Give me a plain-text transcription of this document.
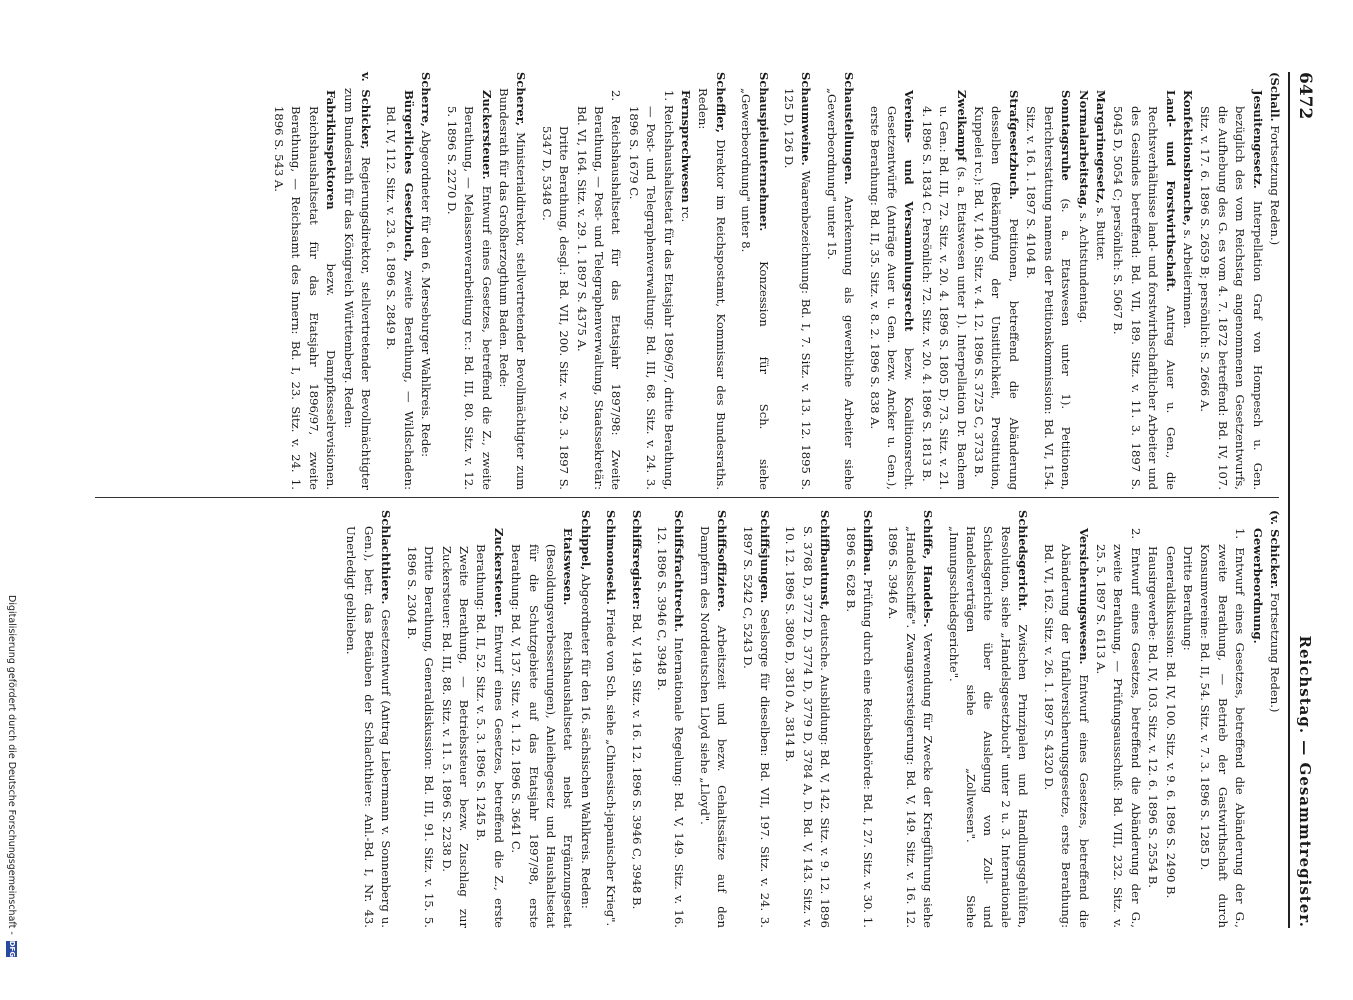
6472
Reichstag. — Gesammtregister.

(Schall. Fortsetzung Reden.)

Jesuitengesetz. Interpellation Graf von Hompesch u. Gen. bezüglich des vom Reichstag angenommenen Gesetzentwurfs, die Aufhebung des G. es vom 4. 7. 1872 betreffend: Bd. IV, 107. Sitz. v. 17. 6. 1896 S. 2659 B; persönlich: S. 2666 A.

Konfektionsbranche, s. Arbeiterinnen.

Land- und Forstwirthschaft. Antrag Auer u. Gen., die Rechtsverhältnisse land- und forstwirthschaftlicher Arbeiter und des Gesindes betreffend: Bd. VII, 189. Sitz. v. 11. 3. 1897 S. 5045 D, 5054 C; persönlich: S. 5067 B.

Margarinegesetz, s. Butter.

Normalarbeitstag, s. Achtstundentag.

Sonntagsruhe (s. a. Etatswesen unter 1). Petitionen, Berichterstattung namens der Petitionskommission: Bd. VI, 154. Sitz. v. 16. 1. 1897 S. 4104 B.

Strafgesetzbuch. Petitionen, betreffend die Abänderung desselben (Bekämpfung der Unsittlichkeit, Prostitution, Kuppelei rc.): Bd. V, 140. Sitz. v. 4. 12. 1896 S. 3725 C, 3733 B.

Zweikampf (s. a. Etatswesen unter 1). Interpellation Dr. Bachem u. Gen.: Bd. III, 72. Sitz. v. 20. 4. 1896 S. 1805 D; 73. Sitz. v. 21. 4. 1896 S. 1834 C. Persönlich: 72. Sitz. v. 20. 4. 1896 S. 1813 B.

Vereins- und Versammlungsrecht bezw. Koalitionsrecht. Gesetzentwürfe (Anträge Auer u. Gen. bezw. Ancker u. Gen.), erste Berathung: Bd. II, 35. Sitz. v. 8. 2. 1896 S. 838 A.

Schaustellungen. Anerkennung als gewerbliche Arbeiter siehe „Gewerbeordnung" unter 15.

Schaumweine. Waarenbezeichnung: Bd. I, 7. Sitz. v. 13. 12. 1895 S. 125 D, 126 D.

Schauspielunternehmer. Konzession für Sch. siehe „Gewerbeordnung" unter 8.

Scheffler, Direktor im Reichspostamt, Kommissar des Bundesraths. Reden:

Fernsprechwesen rc.

1. Reichshaushaltsetat für das Etatsjahr 1896/97, dritte Berathung, — Post- und Telegraphenverwaltung: Bd. III, 68. Sitz. v. 24. 3. 1896 S. 1679 C.

2. Reichshaushaltsetat für das Etatsjahr 1897/98: Zweite Berathung, — Post- und Telegraphenverwaltung, Staatssekretär: Bd. VI, 164. Sitz. v. 29. 1. 1897 S. 4375 A.

Dritte Berathung, desgl.: Bd. VII, 200. Sitz. v. 29. 3. 1897 S. 5347 D, 5348 C.

Scherer, Ministerialdirektor, stellvertretender Bevollmächtigter zum Bundesrath für das Großherzogthum Baden. Rede:

Zuckersteuer. Entwurf eines Gesetzes, betreffend die Z., zweite Berathung, — Melassenverarbeitung rc.: Bd. III, 80. Sitz. v. 12. 5. 1896 S. 2270 D.

Scherre, Abgeordneter für den 6. Merseburger Wahlkreis. Rede:

Bürgerliches Gesetzbuch, zweite Berathung, — Wildschaden: Bd. IV, 112. Sitz. v. 23. 6. 1896 S. 2849 B.

v. Schicker, Regierungsdirektor, stellvertretender Bevollmächtigter zum Bundesrath für das Königreich Württemberg. Reden:

Fabrikinspektoren bezw. Dampfkesselrevisionen. Reichshaushaltsetat für das Etatsjahr 1896/97, zweite Berathung, — Reichsamt des Innern: Bd. I, 23. Sitz. v. 24. 1. 1896 S. 543 A.

(v. Schicker. Fortsetzung Reden.)

Gewerbeordnung.

1. Entwurf eines Gesetzes, betreffend die Abänderung der G., zweite Berathung, — Betrieb der Gastwirthschaft durch Konsumvereine: Bd. II, 54. Sitz. v. 7. 3. 1896 S. 1285 D.

Dritte Berathung:

Generaldiskussion: Bd. IV, 100. Sitz. v. 9. 6. 1896 S. 2490 B.

Hausirgewerbe: Bd. IV, 103. Sitz. v. 12. 6. 1896 S. 2554 B.

2. Entwurf eines Gesetzes, betreffend die Abänderung der G., zweite Berathung, — Prüfungsausschuß: Bd. VIII, 232. Sitz. v. 25. 5. 1897 S. 6113 A.

Versicherungswesen. Entwurf eines Gesetzes, betreffend die Abänderung der Unfallversicherungsgesetze, erste Berathung: Bd. VI, 162. Sitz. v. 26. 1. 1897 S. 4320 D.

Schiedsgericht. Zwischen Prinzipalen und Handlungsgehülfen, Resolution, siehe „Handelsgesetzbuch" unter 2 u. 3. Internationale Schiedsgerichte über die Auslegung von Zoll- und Handelsverträgen siehe „Zollwesen". Siehe „Innungsschiedsgerichte".

Schiffe, Handels-. Verwendung für Zwecke der Kriegführung siehe „Handelsschiffe". Zwangsversteigerung: Bd. V, 149. Sitz. v. 16. 12. 1896 S. 3946 A.

Schiffbau. Prüfung durch eine Reichsbehörde: Bd. I, 27. Sitz. v. 30. 1. 1896 S. 628 B.

Schiffbautunst, deutsche. Ausbildung: Bd. V, 142. Sitz. v. 9. 12. 1896 S. 3768 D, 3772 D, 3774 D, 3779 D, 3784 A, D. Bd. V, 143. Sitz. v. 10. 12. 1896 S. 3806 D, 3810 A, 3814 B.

Schiffsjungen. Seelsorge für dieselben: Bd. VII, 197. Sitz. v. 24. 3. 1897 S. 5242 C, 5243 D.

Schiffsoffiziere. Arbeitszeit und bezw. Gehaltssätze auf den Dampfern des Norddeutschen Lloyd siehe „Lloyd".

Schiffsfrachtrecht. Internationale Regelung: Bd. V, 149. Sitz. v. 16. 12. 1896 S. 3946 C, 3948 B.

Schiffsregister: Bd. V, 149. Sitz. v. 16. 12. 1896 S. 3946 C, 3948 B.

Schimonoseki. Friede von Sch. siehe „Chinesisch-japanischer Krieg".

Schippel, Abgeordneter für den 16. sächsischen Wahlkreis. Reden:

Etatswesen. Reichshaushaltsetat nebst Ergänzungsetat (Besoldungsverbesserungen), Anleihegesetz und Haushaltsetat für die Schutzgebiete auf das Etatsjahr 1897/98, erste Berathung: Bd. V, 137. Sitz. v. 1. 12. 1896 S. 3641 C.

Zuckersteuer. Entwurf eines Gesetzes, betreffend die Z., erste Berathung: Bd. II, 52. Sitz. v. 5. 3. 1896 S. 1245 B.

Zweite Berathung, — Betriebssteuer bezw. Zuschlag zur Zuckersteuer: Bd. III, 88. Sitz. v. 11. 5. 1896 S. 2238 D.

Dritte Berathung, Generaldiskussion: Bd. III, 91. Sitz. v. 15. 5. 1896 S. 2304 B.

Schlachthiere. Gesetzentwurf (Antrag Liebermann v. Sonnenberg u. Gen.), betr. das Betäuben der Schlachthiere: Anl.-Bd. I, Nr. 43. Unerledigt geblieben.

Digitalisierung gefördert durch die Deutsche Forschungsgemeinschaft -
DFG
